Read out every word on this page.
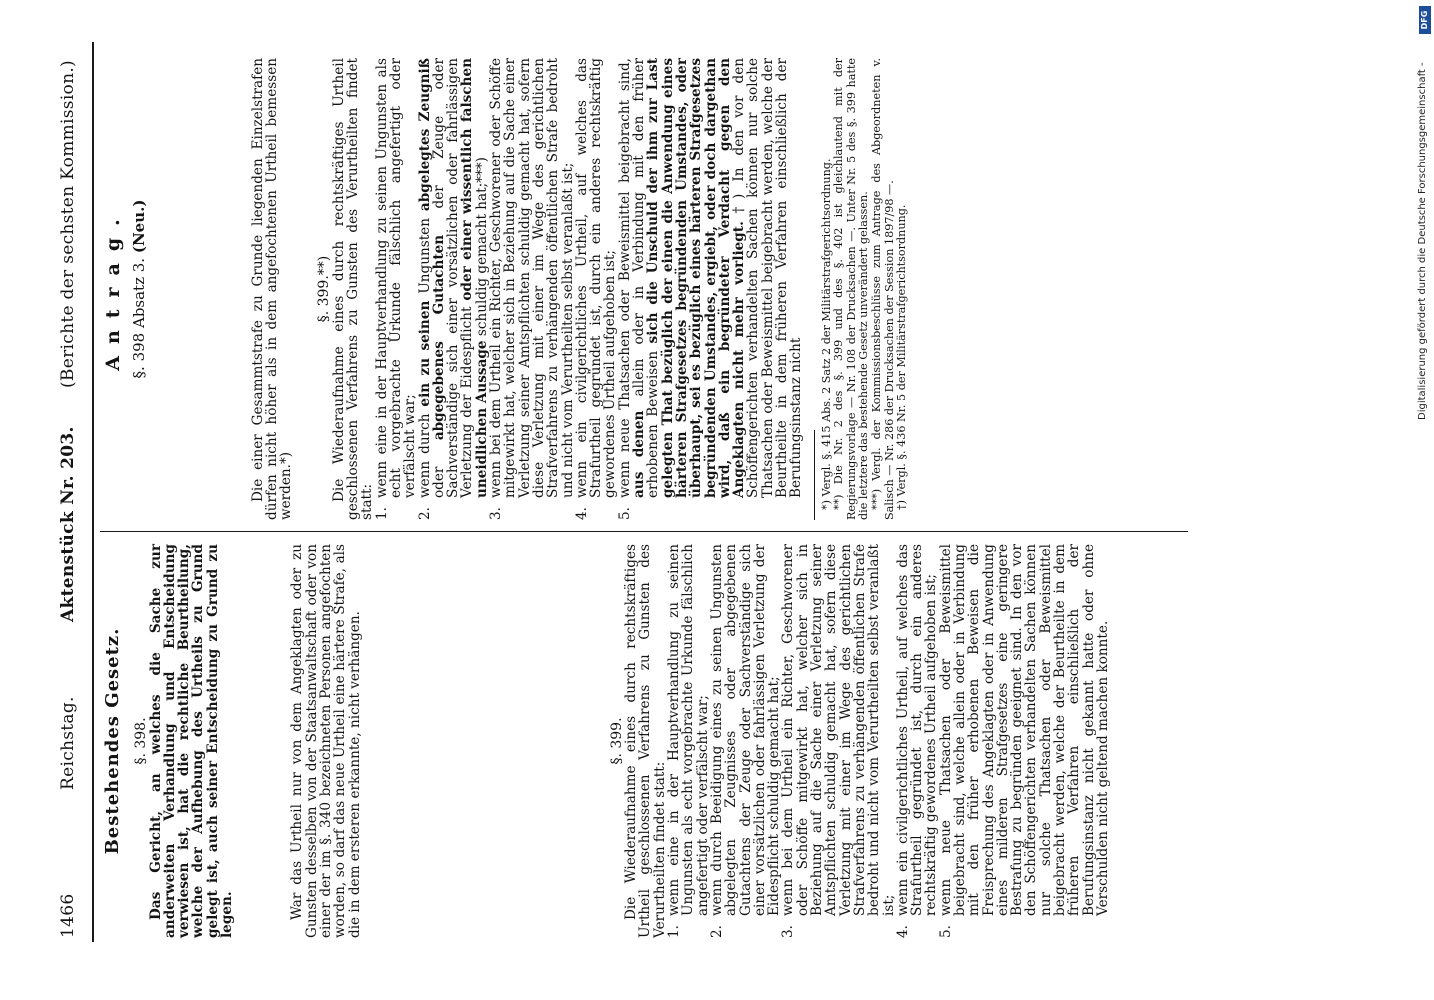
1466
Reichstag.
Aktenstück Nr. 203.
(Berichte der sechsten Kommission.)
Bestehendes Gesetz. §. 398.

Das Gericht, an welches die Sache zur anderweiten Verhandlung und Entscheidung verwiesen ist, hat die rechtliche Beurtheilung, welche der Aufhebung des Urtheils zu Grund gelegt ist, auch seiner Entscheidung zu Grund zu legen.	War das Urtheil nur von dem Angeklagten oder zu Gunsten desselben von der Staatsanwaltschaft oder von einer der im §. 340 bezeichneten Personen angefochten worden, so darf das neue Urtheil eine härtere Strafe, als die in dem ersteren erkannte, nicht verhängen.	§. 399.

Die Wiederaufnahme eines durch rechtskräftiges Urtheil geschlossenen Verfahrens zu Gunsten des Verurtheilten findet statt:

1.
wenn eine in der Hauptverhandlung zu seinen Ungunsten als echt vorgebrachte Urkunde fälschlich angefertigt oder verfälscht war;
2.
wenn durch Beeidigung eines zu seinen Ungunsten abgelegten Zeugnisses oder abgegebenen Gutachtens der Zeuge oder Sachverständige sich einer vorsätzlichen oder fahrlässigen Verletzung der Eidespflicht schuldig gemacht hat;
3.
wenn bei dem Urtheil ein Richter, Geschworener oder Schöffe mitgewirkt hat, welcher sich in Beziehung auf die Sache einer Verletzung seiner Amtspflichten schuldig gemacht hat, sofern diese Verletzung mit einer im Wege des gerichtlichen Strafverfahrens zu verhängenden öffentlichen Strafe bedroht und nicht vom Verurtheilten selbst veranlaßt ist;
4.
wenn ein civilgerichtliches Urtheil, auf welches das Strafurtheil gegründet ist, durch ein anderes rechtskräftig gewordenes Urtheil aufgehoben ist;
5.
wenn neue Thatsachen oder Beweismittel beigebracht sind, welche allein oder in Verbindung mit den früher erhobenen Beweisen die Freisprechung des Angeklagten oder in Anwendung eines milderen Strafgesetzes eine geringere Bestrafung zu begründen geeignet sind. In den vor den Schöffengerichten verhandelten Sachen können nur solche Thatsachen oder Beweismittel beigebracht werden, welche der Beurtheilte in dem früheren Verfahren einschließlich der Berufungsinstanz nicht gekannt hatte oder ohne Verschulden nicht geltend machen konnte.
Antrag. §. 398 Absatz 3. (Neu.)	Die einer Gesammtstrafe zu Grunde liegenden Einzelstrafen dürfen nicht höher als in dem angefochtenen Urtheil bemessen werden.*)

§. 399.**)

Die Wiederaufnahme eines durch rechtskräftiges Urtheil geschlossenen Verfahrens zu Gunsten des Verurtheilten findet statt:

1.
wenn eine in der Hauptverhandlung zu seinen Ungunsten als echt vorgebrachte Urkunde fälschlich angefertigt oder verfälscht war;
2.
wenn durch ein zu seinen Ungunsten abgelegtes Zeugniß oder abgegebenes Gutachten der Zeuge oder Sachverständige sich einer vorsätzlichen oder fahrlässigen Verletzung der Eidespflicht oder einer wissentlich falschen uneidlichen Aussage schuldig gemacht hat;***)
3.
wenn bei dem Urtheil ein Richter, Geschworener oder Schöffe mitgewirkt hat, welcher sich in Beziehung auf die Sache einer Verletzung seiner Amtspflichten schuldig gemacht hat, sofern diese Verletzung mit einer im Wege des gerichtlichen Strafverfahrens zu verhängenden öffentlichen Strafe bedroht und nicht vom Verurtheilten selbst veranlaßt ist;
4.
wenn ein civilgerichtliches Urtheil, auf welches das Strafurtheil gegründet ist, durch ein anderes rechtskräftig gewordenes Urtheil aufgehoben ist;
5.
wenn neue Thatsachen oder Beweismittel beigebracht sind, aus denen allein oder in Verbindung mit den früher erhobenen Beweisen sich die Unschuld der ihm zur Last gelegten That bezüglich der einen die Anwendung eines härteren Strafgesetzes begründenden Umstandes, oder überhaupt, sei es bezüglich eines härteren Strafgesetzes begründenden Umstandes, ergiebt, oder doch dargethan wird, daß ein begründeter Verdacht gegen den Angeklagten nicht mehr vorliegt.†) In den vor den Schöffengerichten verhandelten Sachen können nur solche Thatsachen oder Beweismittel beigebracht werden, welche der Beurtheilte in dem früheren Verfahren einschließlich der Berufungsinstanz nicht *) Vergl. §. 415 Abs. 2 Satz 2 der Militärstrafgerichtsordnung. **) Die Nr. 2 des §. 399 und des §. 402 ist gleichlautend mit der Regierungsvorlage — Nr. 108 der Drucksachen —. Unter Nr. 5 des §. 399 hatte die letztere das bestehende Gesetz unverändert gelassen. ***) Vergl. der Kommissionsbeschlüsse zum Antrage des Abgeordneten v. Salisch — Nr. 286 der Drucksachen der Session 1897/98 —. †) Vergl. §. 436 Nr. 5 der Militärstrafgerichtsordnung.

DFG
Digitalisierung gefördert durch die Deutsche Forschungsgemeinschaft -
